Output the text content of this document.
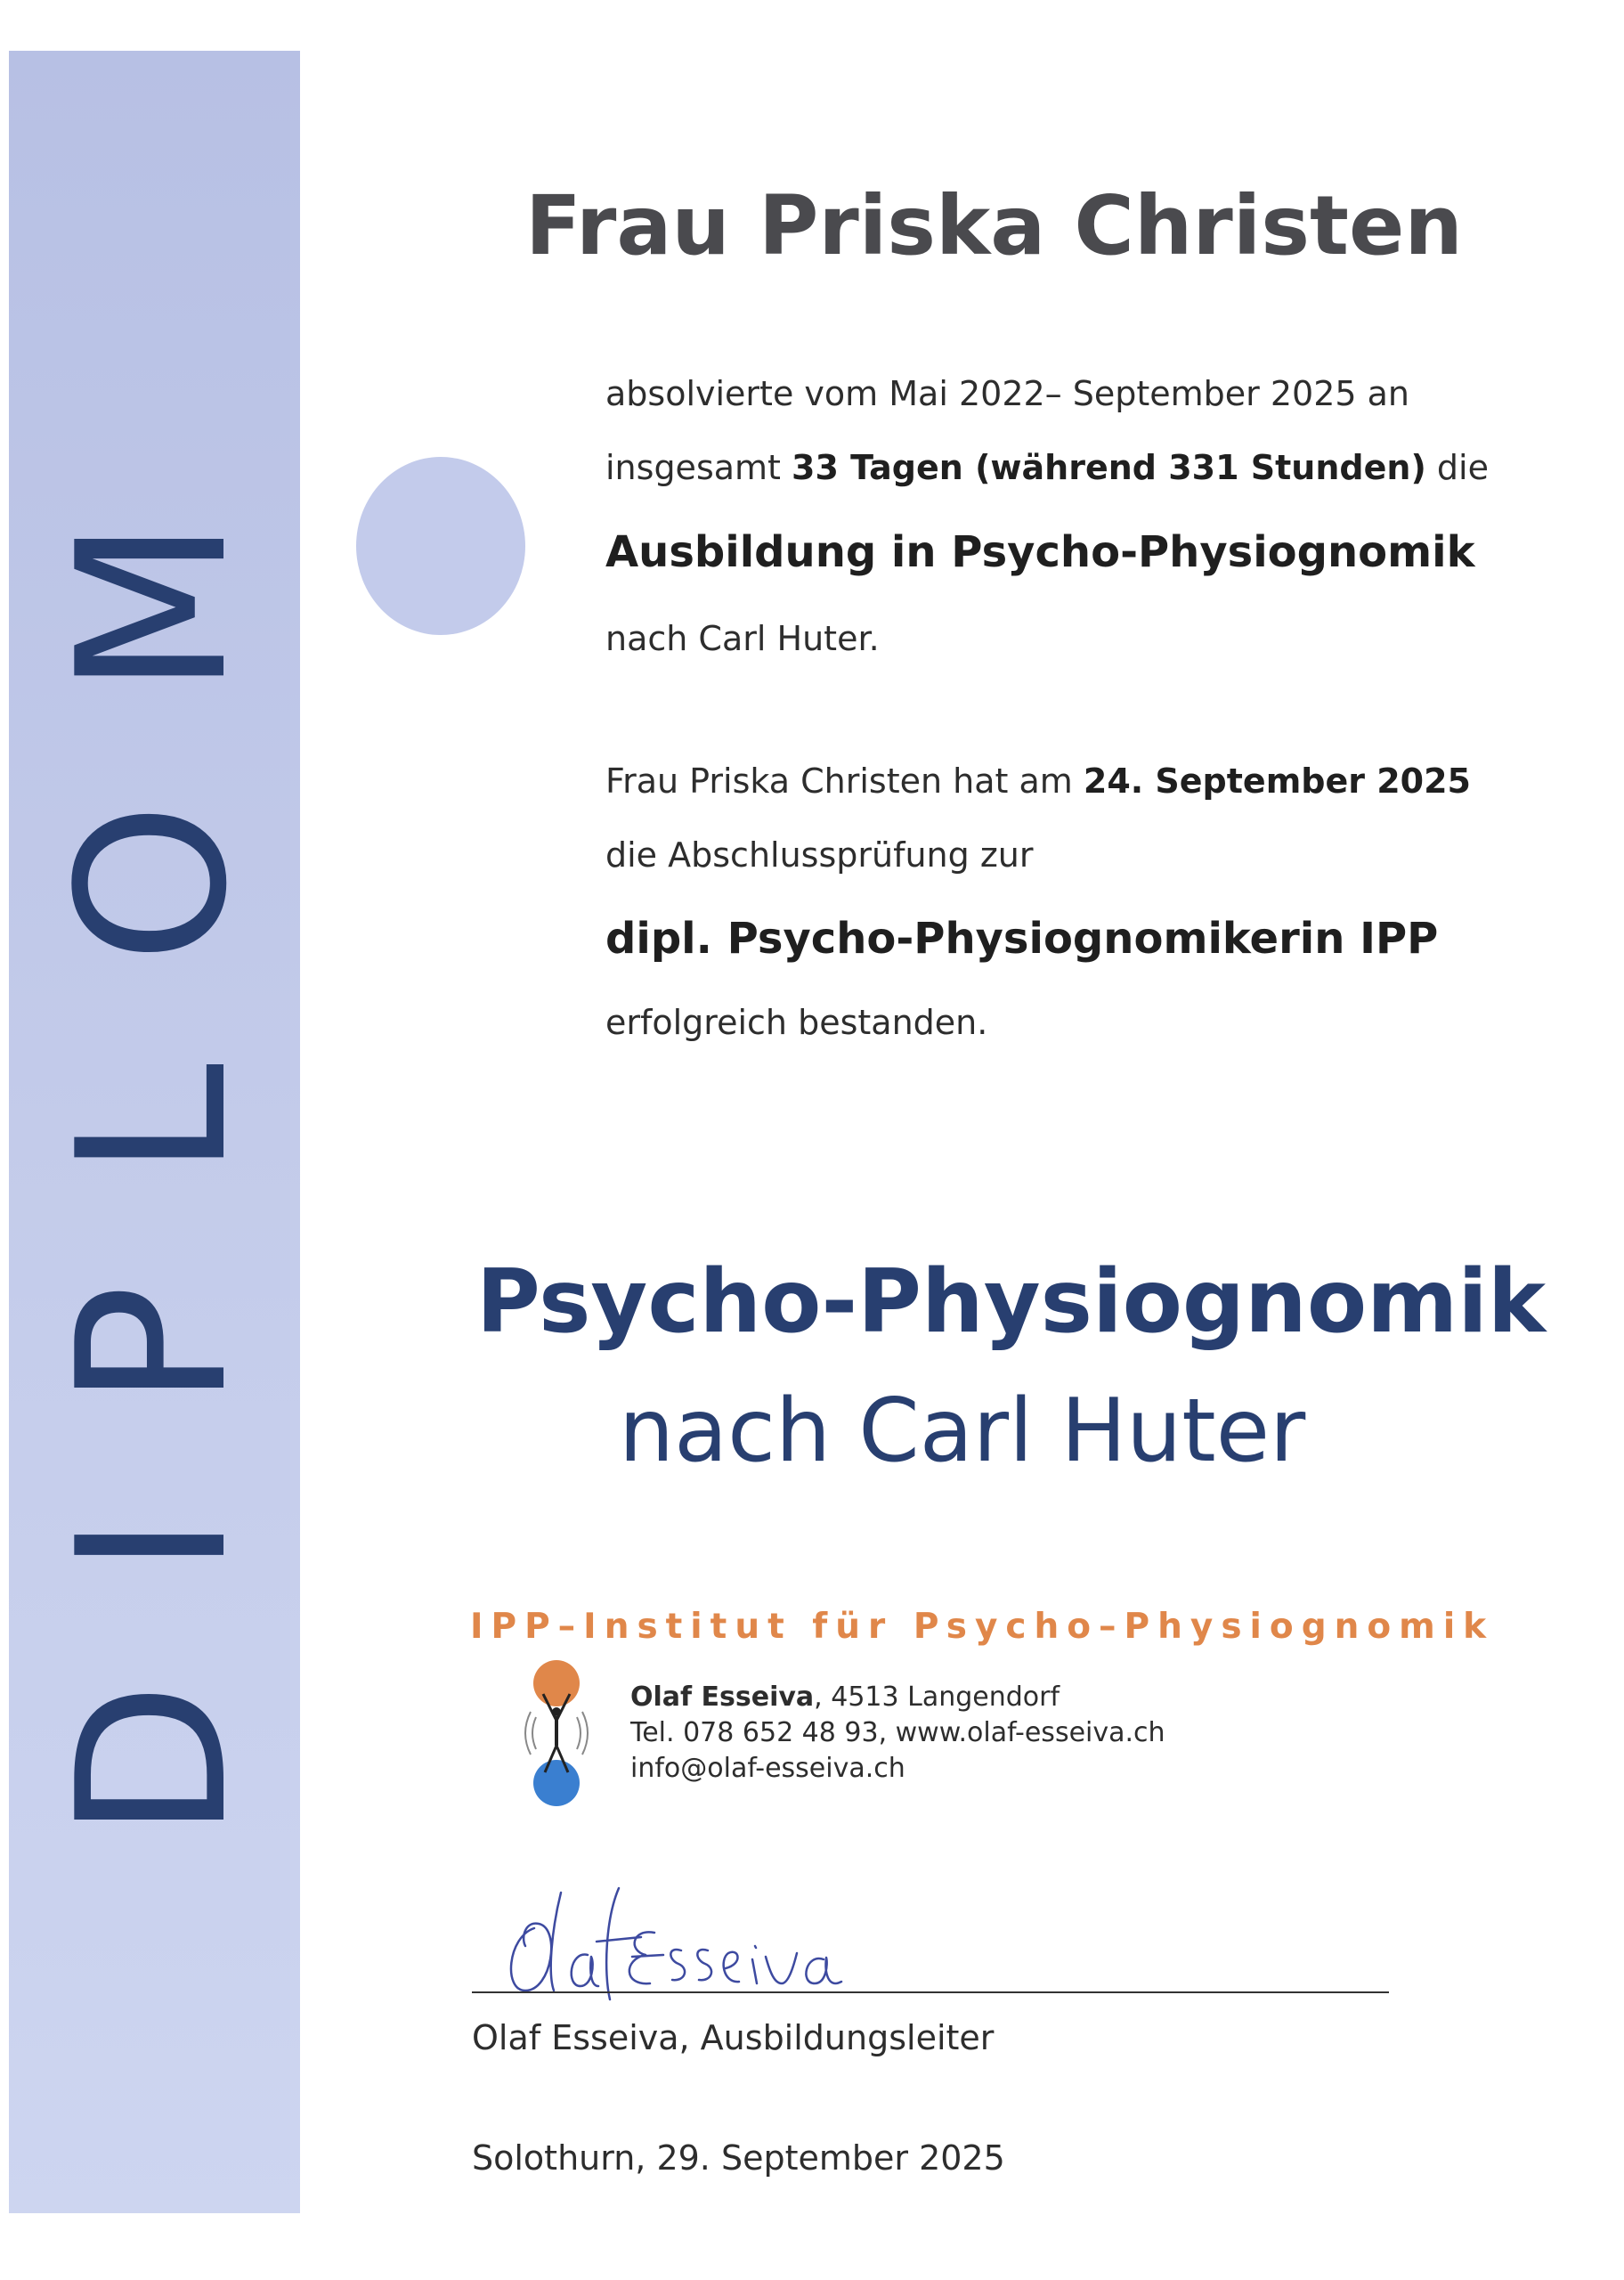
DIPLOM
Frau Priska Christen
absolvierte vom Mai 2022– September 2025 an
insgesamt 33 Tagen (während 331 Stunden) die
Ausbildung in Psycho-Physiognomik
nach Carl Huter.
Frau Priska Christen hat am 24. September 2025
die Abschlussprüfung zur
dipl. Psycho-Physiognomikerin IPP
erfolgreich bestanden.
Psycho-Physiognomik
nach Carl Huter
IPP–Institut für Psycho–Physiognomik
Olaf Esseiva, 4513 Langendorf
Tel. 078 652 48 93, www.olaf-esseiva.ch
info@olaf-esseiva.ch
Olaf Esseiva, Ausbildungsleiter
Solothurn, 29. September 2025
